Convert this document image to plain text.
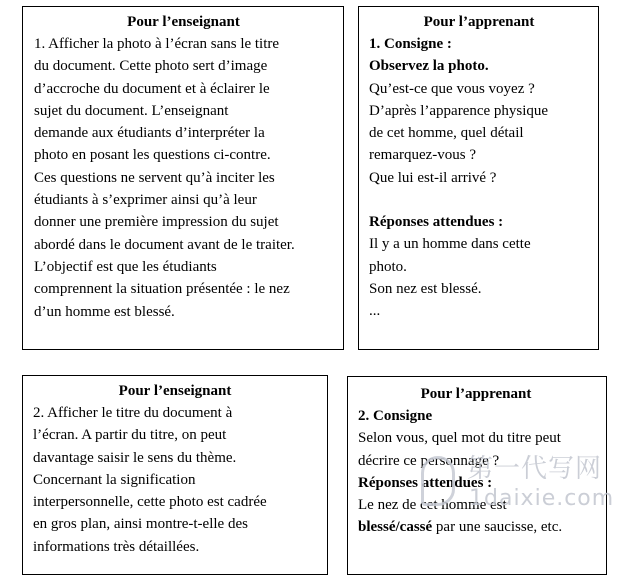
Pour l’enseignant

1. Afficher la photo à l’écran sans le titre

du document. Cette photo sert d’image

d’accroche du document et à éclairer le

sujet du document. L’enseignant

demande aux étudiants d’interpréter la

photo en posant les questions ci-contre.

Ces questions ne servent qu’à inciter les

étudiants à s’exprimer ainsi qu’à leur

donner une première impression du sujet

abordé dans le document avant de le traiter.

L’objectif est que les étudiants

comprennent la situation présentée : le nez

d’un homme est blessé.

Pour l’apprenant

1. Consigne :

Observez la photo.

Qu’est-ce que vous voyez ?

D’après l’apparence physique

de cet homme, quel détail

remarquez-vous ?

Que lui est-il arrivé ?

Réponses attendues :

Il y a un homme dans cette

photo.

Son nez est blessé.

...

Pour l’enseignant

2. Afficher le titre du document à

l’écran. A partir du titre, on peut

davantage saisir le sens du thème.

Concernant la signification

interpersonnelle, cette photo est cadrée

en gros plan, ainsi montre-t-elle des

informations très détaillées.

Pour l’apprenant

2. Consigne

Selon vous, quel mot du titre peut

décrire ce personnage ?

Réponses attendues :

Le nez de cet homme est

blessé/cassé par une saucisse, etc.

第一代写网
1daixie.com
